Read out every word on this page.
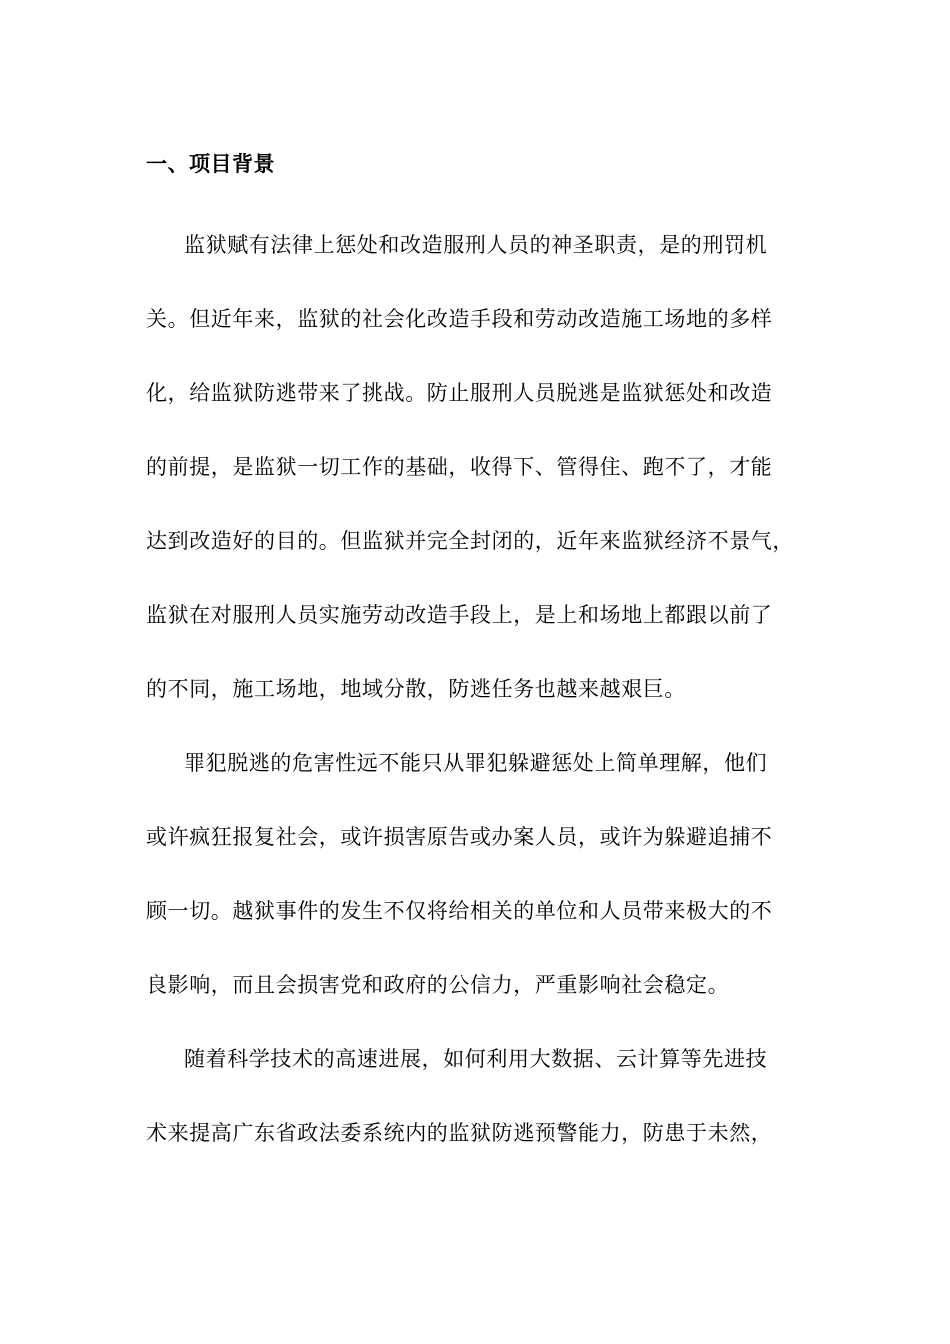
一、项目背景

监狱赋有法律上惩处和改造服刑人员的神圣职责，是的刑罚机

关。但近年来，监狱的社会化改造手段和劳动改造施工场地的多样

化，给监狱防逃带来了挑战。防止服刑人员脱逃是监狱惩处和改造

的前提，是监狱一切工作的基础，收得下、管得住、跑不了，才能

达到改造好的目的。但监狱并完全封闭的，近年来监狱经济不景气，

监狱在对服刑人员实施劳动改造手段上，是上和场地上都跟以前了

的不同，施工场地，地域分散，防逃任务也越来越艰巨。

罪犯脱逃的危害性远不能只从罪犯躲避惩处上简单理解，他们

或许疯狂报复社会，或许损害原告或办案人员，或许为躲避追捕不

顾一切。越狱事件的发生不仅将给相关的单位和人员带来极大的不

良影响，而且会损害党和政府的公信力，严重影响社会稳定。

随着科学技术的高速进展，如何利用大数据、云计算等先进技

术来提高广东省政法委系统内的监狱防逃预警能力，防患于未然，
